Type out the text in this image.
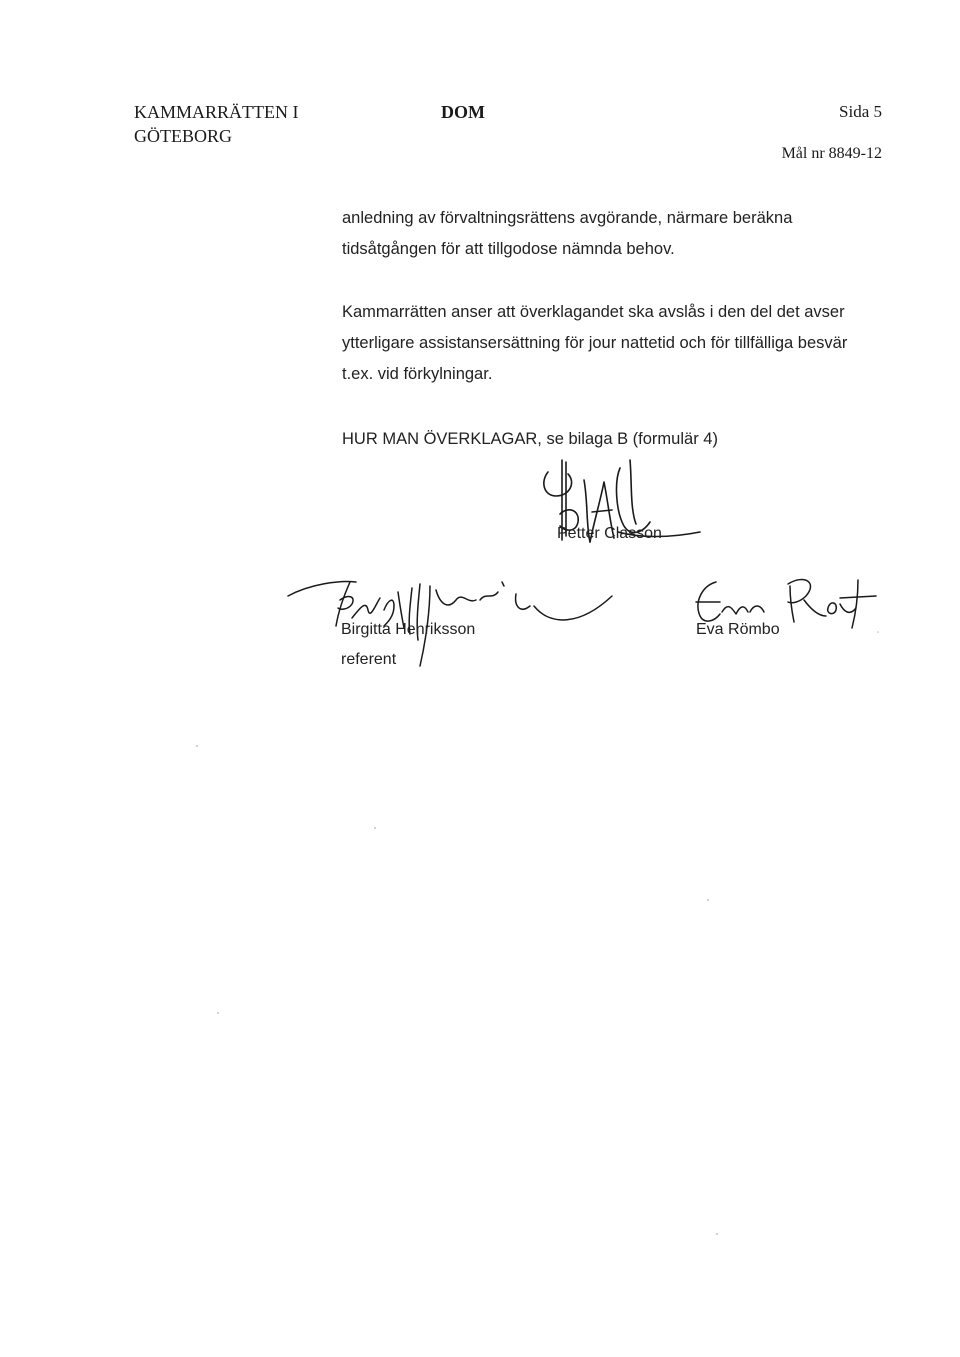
KAMMARRÄTTEN I
GÖTEBORG
DOM	Sida 5
Mål nr 8849-12
anledning av förvaltningsrättens avgörande, närmare beräkna
tidsåtgången för att tillgodose nämnda behov.
Kammarrätten anser att överklagandet ska avslås i den del det avser
ytterligare assistansersättning för jour nattetid och för tillfälliga besvär
t.ex. vid förkylningar.
HUR MAN ÖVERKLAGAR, se bilaga B (formulär 4)
Petter Classon
Birgitta Henriksson
referent
Eva Römbo
